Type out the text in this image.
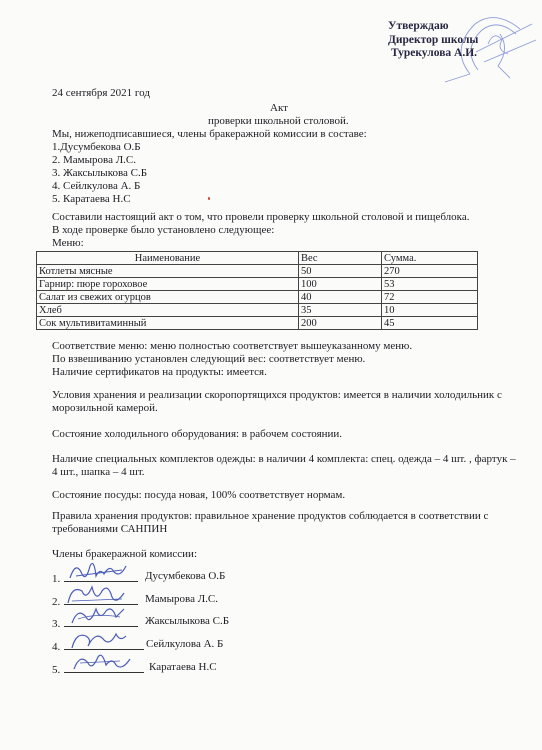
Утверждаю
Директор школы
Турекулова А.И.
24 сентября 2021 год
Акт
проверки школьной столовой.
Мы, нижеподписавшиеся, члены бракеражной комиссии в составе:
1.Дусумбекова О.Б
2. Мамырова Л.С.
3. Жаксылыкова С.Б
4. Сейлкулова А. Б
5. Каратаева Н.С
Составили настоящий акт о том, что провели проверку школьной столовой и пищеблока.
В ходе проверке было установлено следующее:
Меню:
Наименование	Вес	Сумма.
Котлеты мясные	50	270
Гарнир: пюре гороховое	100	53
Салат из свежих огурцов	40	72
Хлеб	35	10
Сок мультивитаминный	200	45
Соответствие меню: меню полностью соответствует вышеуказанному меню.
По взвешиванию установлен следующий вес: соответствует меню.
Наличие сертификатов на продукты: имеется.
Условия хранения и реализации скоропортящихся продуктов: имеется в наличии холодильник с
морозильной камерой.
Состояние холодильного оборудования: в рабочем состоянии.
Наличие специальных комплектов одежды: в наличии 4 комплекта: спец. одежда – 4 шт. , фартук –
4 шт., шапка – 4 шт.
Состояние посуды: посуда новая, 100% соответствует нормам.
Правила хранения продуктов: правильное хранение продуктов соблюдается в соответствии с
требованиями САНПИН
Члены бракеражной комиссии:
1.	Дусумбекова О.Б
2.	Мамырова Л.С.
3.	Жаксылыкова С.Б
4.	Сейлкулова А. Б
5.	Каратаева Н.С
